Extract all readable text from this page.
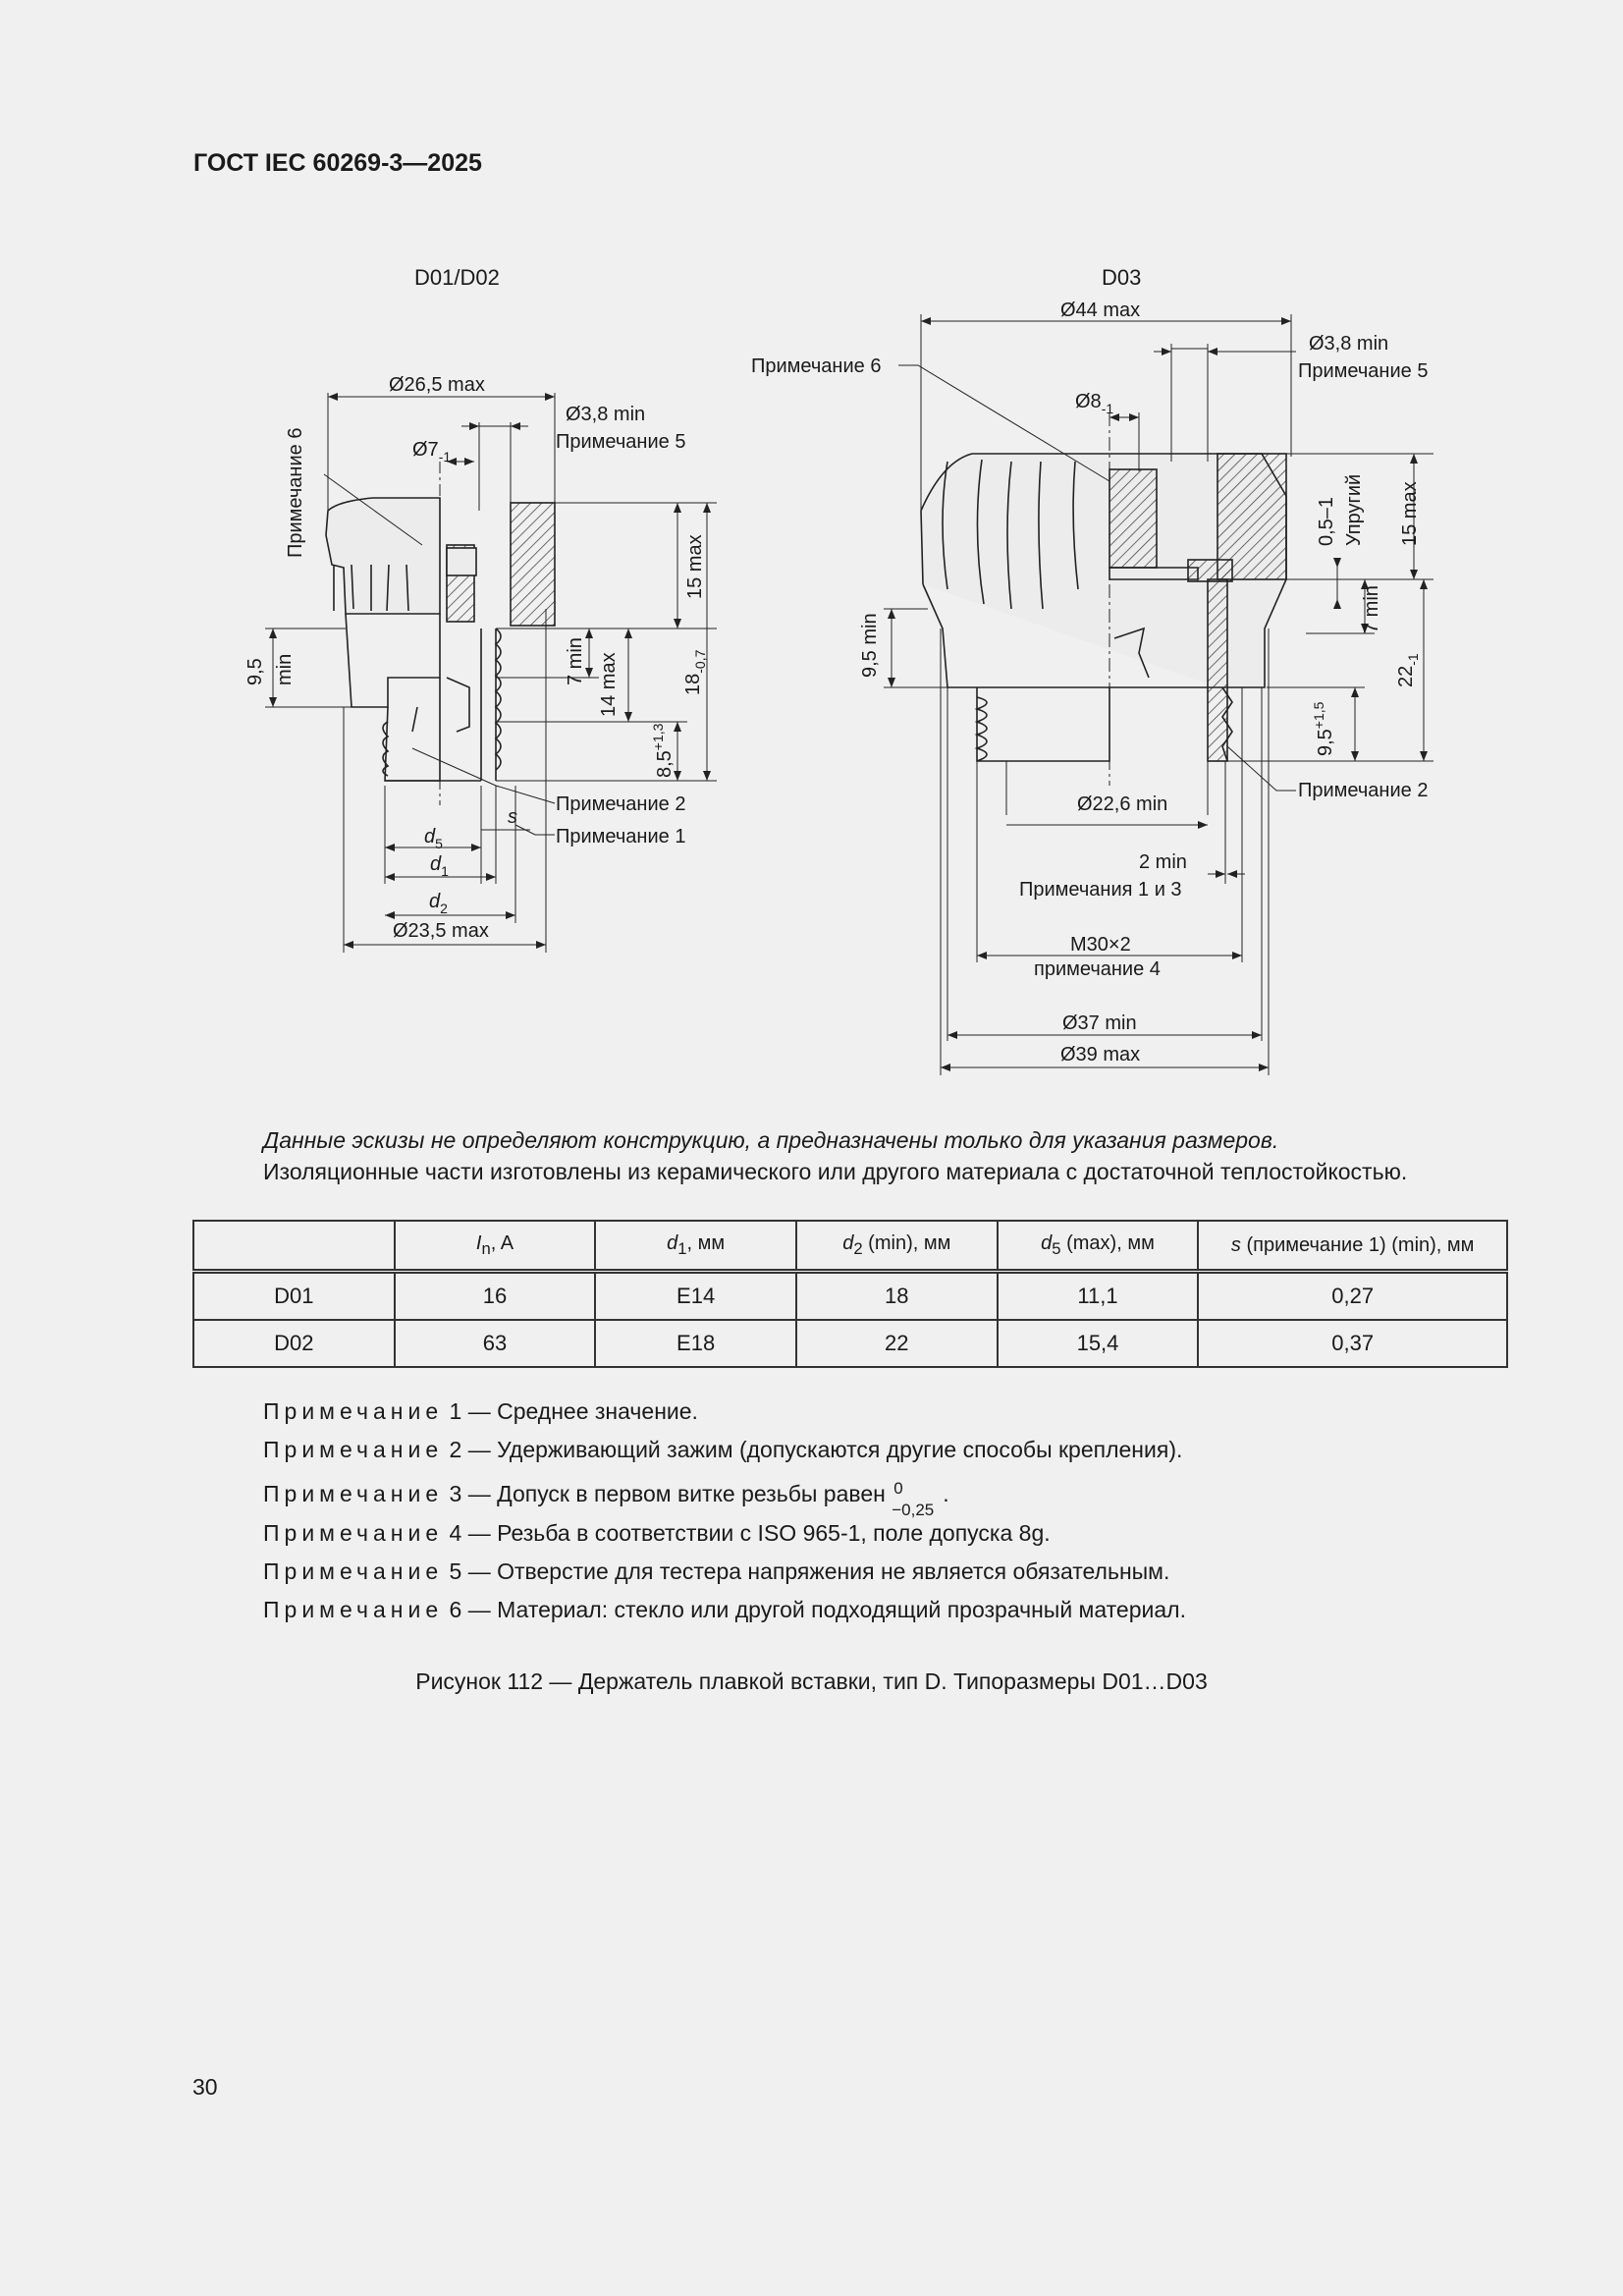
ГОСТ IEC 60269-3—2025
D01/D02
Ø26,5 max
Ø3,8 min
Примечание 5
$Ø7_{-1}$
Примечание 6
15 max
7 min 14 max	$18_{-0,7}$
$8,5^{+1,3}$
9,5 min
s
Примечание 2
Примечание 1
$d_5$
$d_1$
$d_2$
Ø23,5 max
D03
Ø44 max
Ø3,8 min
Примечание 5
Примечание 6
$Ø8_{-1}$
0,5–1 Упругий 15 max
7 min
$22_{-1}$
9,5 min
$9,5^{+1,5}$
Примечание 2
Ø22,6 min
2 min
Примечания 1 и 3
M30×2
примечание 4
Ø37 min
Ø39 max
Данные эскизы не определяют конструкцию, а предназначены только для указания размеров.
Изоляционные части изготовлены из керамического или другого материала с достаточной теплостойкостью.
	$I_n$, A	$d_1$, мм	$d_2$ (min), мм	$d_5$ (max), мм	s (примечание 1) (min), мм
D01	16	E14	18	11,1	0,27
D02	63	E18	22	15,4	0,37
Примечание 1 — Среднее значение.
Примечание 2 — Удерживающий зажим (допускаются другие способы крепления).
Примечание 3 — Допуск в первом витке резьбы равен 0
−0,25
.
Примечание 4 — Резьба в соответствии с ISO 965-1, поле допуска 8g.
Примечание 5 — Отверстие для тестера напряжения не является обязательным.
Примечание 6 — Материал: стекло или другой подходящий прозрачный материал.
Рисунок 112 — Держатель плавкой вставки, тип D. Типоразмеры D01…D03
30
